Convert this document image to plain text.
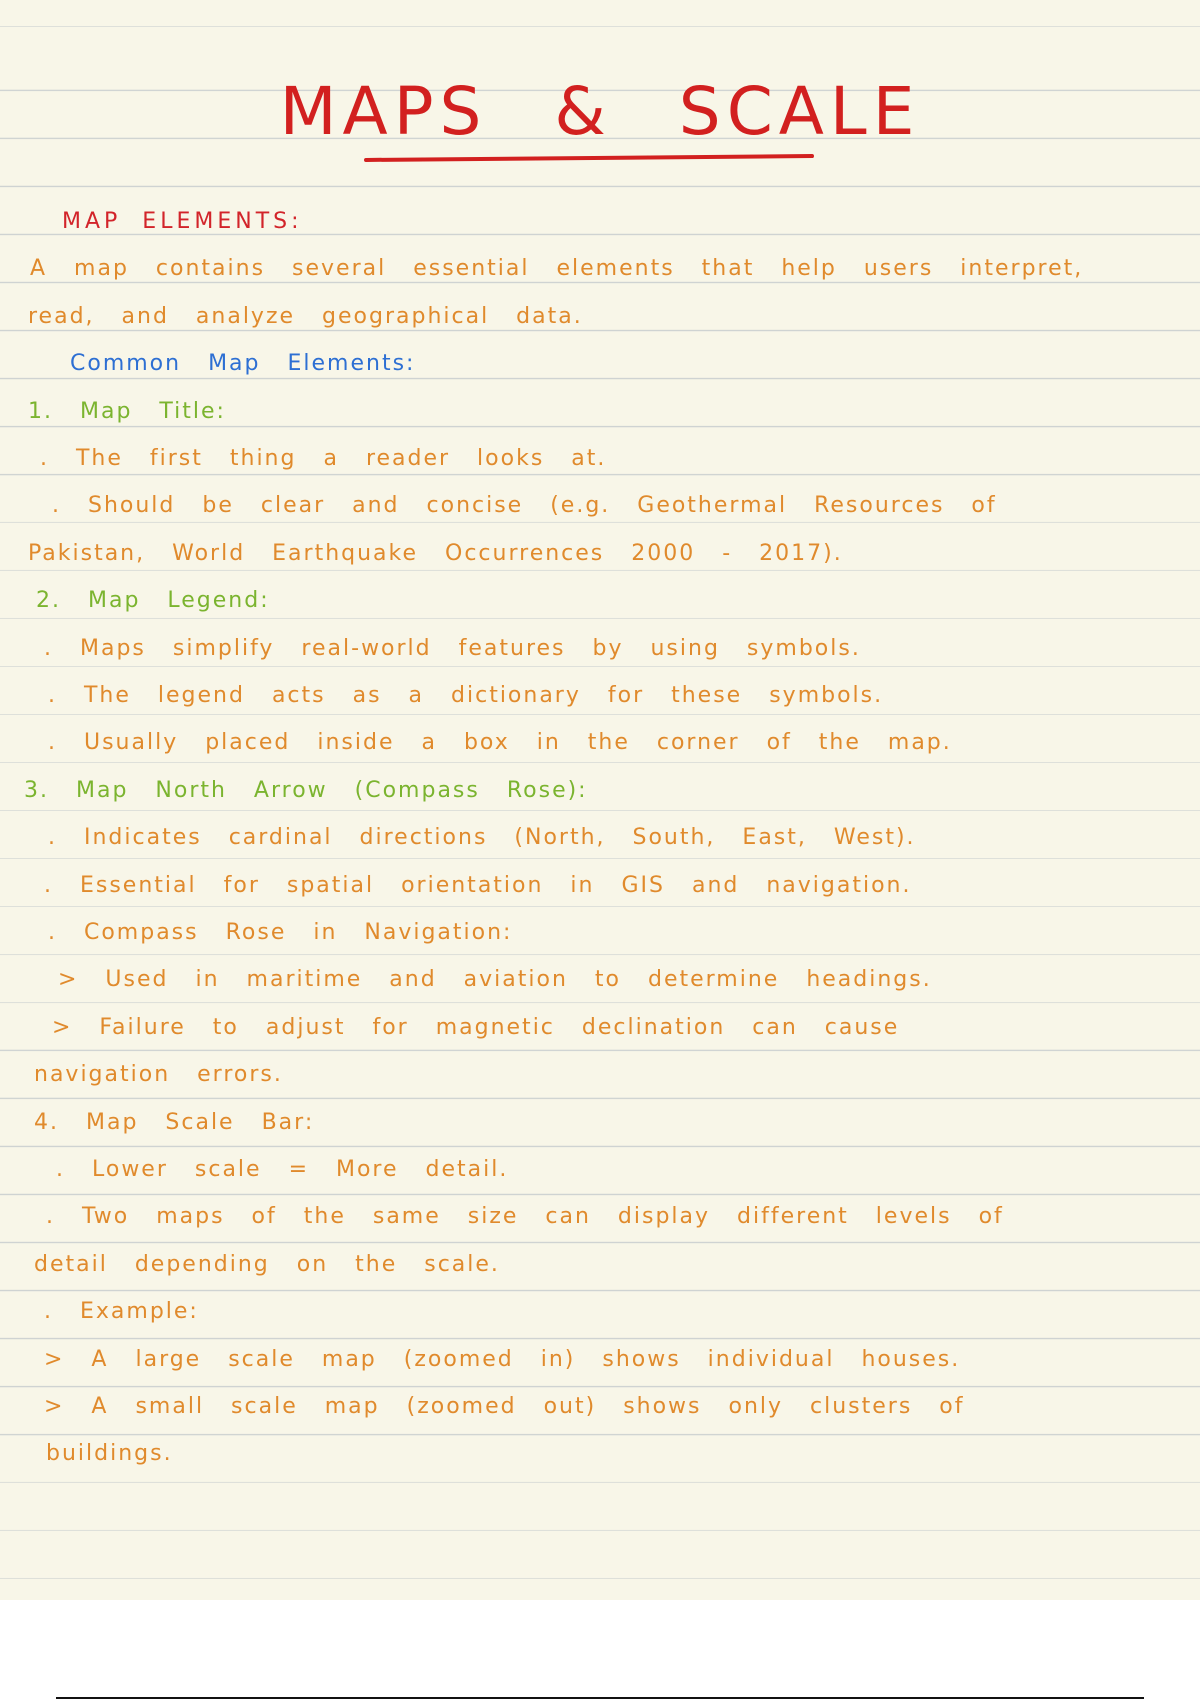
MAPS & SCALE
MAP ELEMENTS:
A map contains several essential elements that help users interpret,
read, and analyze geographical data.
Common Map Elements:
1. Map Title:
. The first thing a reader looks at.
. Should be clear and concise (e.g. Geothermal Resources of
Pakistan, World Earthquake Occurrences 2000 - 2017).
2. Map Legend:
. Maps simplify real-world features by using symbols.
. The legend acts as a dictionary for these symbols.
. Usually placed inside a box in the corner of the map.
3. Map North Arrow (Compass Rose):
. Indicates cardinal directions (North, South, East, West).
. Essential for spatial orientation in GIS and navigation.
. Compass Rose in Navigation:
> Used in maritime and aviation to determine headings.
> Failure to adjust for magnetic declination can cause
navigation errors.
4. Map Scale Bar:
. Lower scale = More detail.
. Two maps of the same size can display different levels of
detail depending on the scale.
. Example:
> A large scale map (zoomed in) shows individual houses.
> A small scale map (zoomed out) shows only clusters of
buildings.
